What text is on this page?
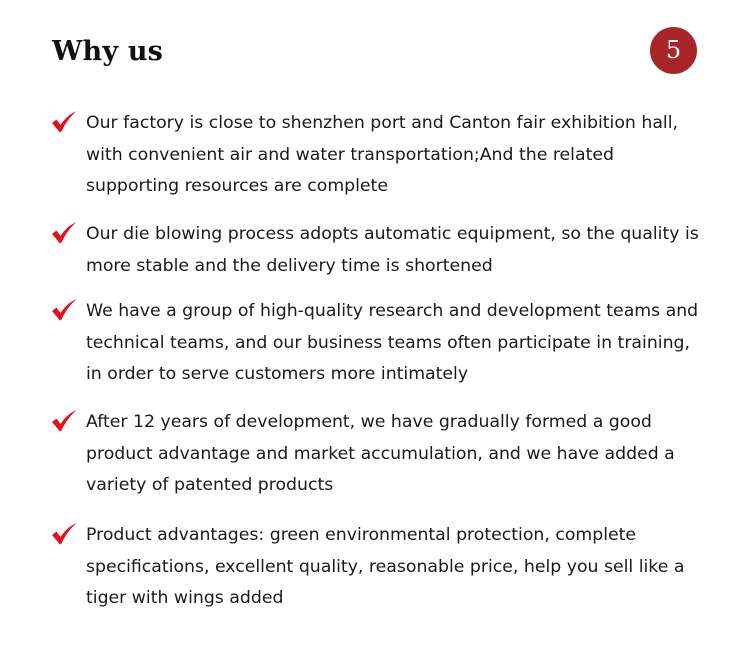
Why us	5

Our factory is close to shenzhen port and Canton fair exhibition hall, with convenient air and water transportation;And the related supporting resources are complete

Our die blowing process adopts automatic equipment, so the quality is more stable and the delivery time is shortened

We have a group of high-quality research and development teams and technical teams, and our business teams often participate in training, in order to serve customers more intimately

After 12 years of development, we have gradually formed a good product advantage and market accumulation, and we have added a variety of patented products

Product advantages: green environmental protection, complete specifications, excellent quality, reasonable price, help you sell like a tiger with wings added
